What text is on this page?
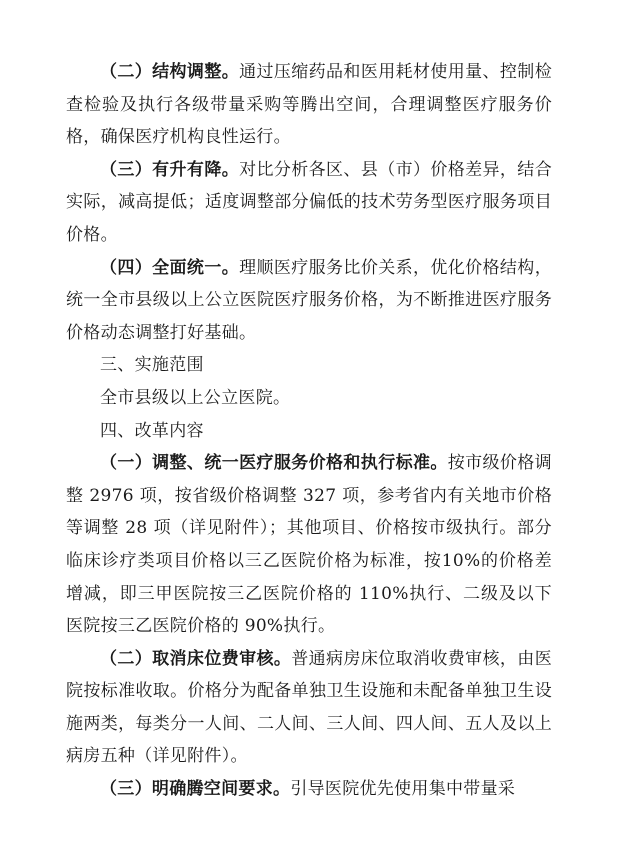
（二）结构调整。通过压缩药品和医用耗材使用量、控制检查检验及执行各级带量采购等腾出空间，合理调整医疗服务价格，确保医疗机构良性运行。

（三）有升有降。对比分析各区、县（市）价格差异，结合实际，减高提低；适度调整部分偏低的技术劳务型医疗服务项目价格。

（四）全面统一。理顺医疗服务比价关系，优化价格结构，统一全市县级以上公立医院医疗服务价格，为不断推进医疗服务价格动态调整打好基础。

三、实施范围

全市县级以上公立医院。

四、改革内容

（一）调整、统一医疗服务价格和执行标准。按市级价格调整 2976 项，按省级价格调整 327 项，参考省内有关地市价格等调整 28 项（详见附件）；其他项目、价格按市级执行。部分临床诊疗类项目价格以三乙医院价格为标准，按10%的价格差增减，即三甲医院按三乙医院价格的 110%执行、二级及以下医院按三乙医院价格的 90%执行。

（二）取消床位费审核。普通病房床位取消收费审核，由医院按标准收取。价格分为配备单独卫生设施和未配备单独卫生设施两类，每类分一人间、二人间、三人间、四人间、五人及以上病房五种（详见附件）。

（三）明确腾空间要求。引导医院优先使用集中带量采
